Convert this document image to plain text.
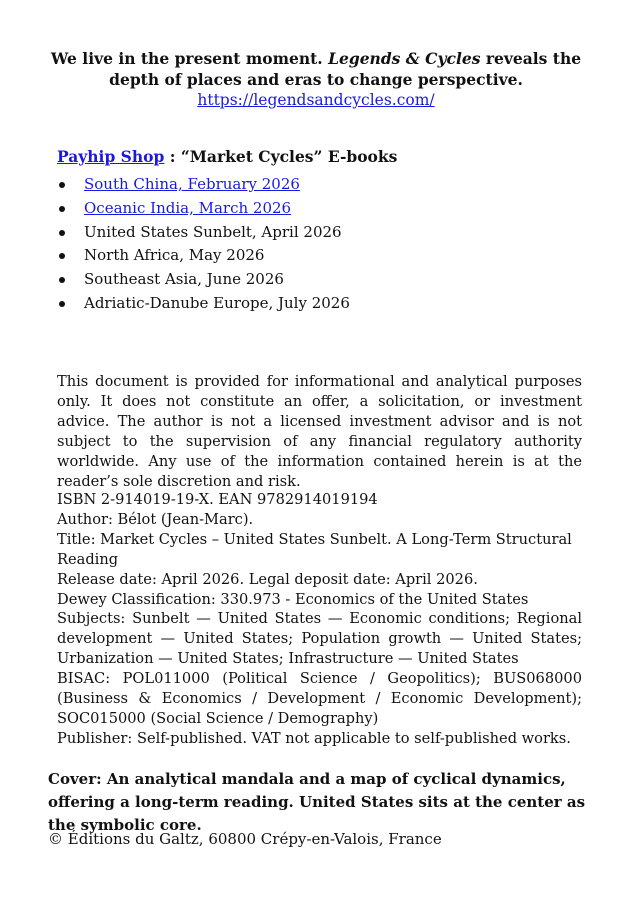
We live in the present moment. Legends & Cycles reveals the depth of places and eras to change perspective.
https://legendsandcycles.com/
Payhip Shop : “Market Cycles” E-books
South China, February 2026
Oceanic India, March 2026
United States Sunbelt, April 2026
North Africa, May 2026
Southeast Asia, June 2026
Adriatic-Danube Europe, July 2026
This document is provided for informational and analytical purposes only. It does not constitute an offer, a solicitation, or investment advice. The author is not a licensed investment advisor and is not subject to the supervision of any financial regulatory authority worldwide. Any use of the information contained herein is at the reader’s sole discretion and risk.

ISBN 2-914019-19-X. EAN 9782914019194

Author: Bélot (Jean-Marc).

Title: Market Cycles – United States Sunbelt. A Long-Term Structural Reading

Release date: April 2026. Legal deposit date: April 2026.

Dewey Classification: 330.973 - Economics of the United States

Subjects: Sunbelt — United States — Economic conditions; Regional development — United States; Population growth — United States; Urbanization — United States; Infrastructure — United States

BISAC: POL011000 (Political Science / Geopolitics); BUS068000 (Business & Economics / Development / Economic Development); SOC015000 (Social Science / Demography)

Publisher: Self-published. VAT not applicable to self-published works.

Cover: An analytical mandala and a map of cyclical dynamics, offering a long-term reading. United States sits at the center as the symbolic core.
© Éditions du Galtz, 60800 Crépy-en-Valois, France
